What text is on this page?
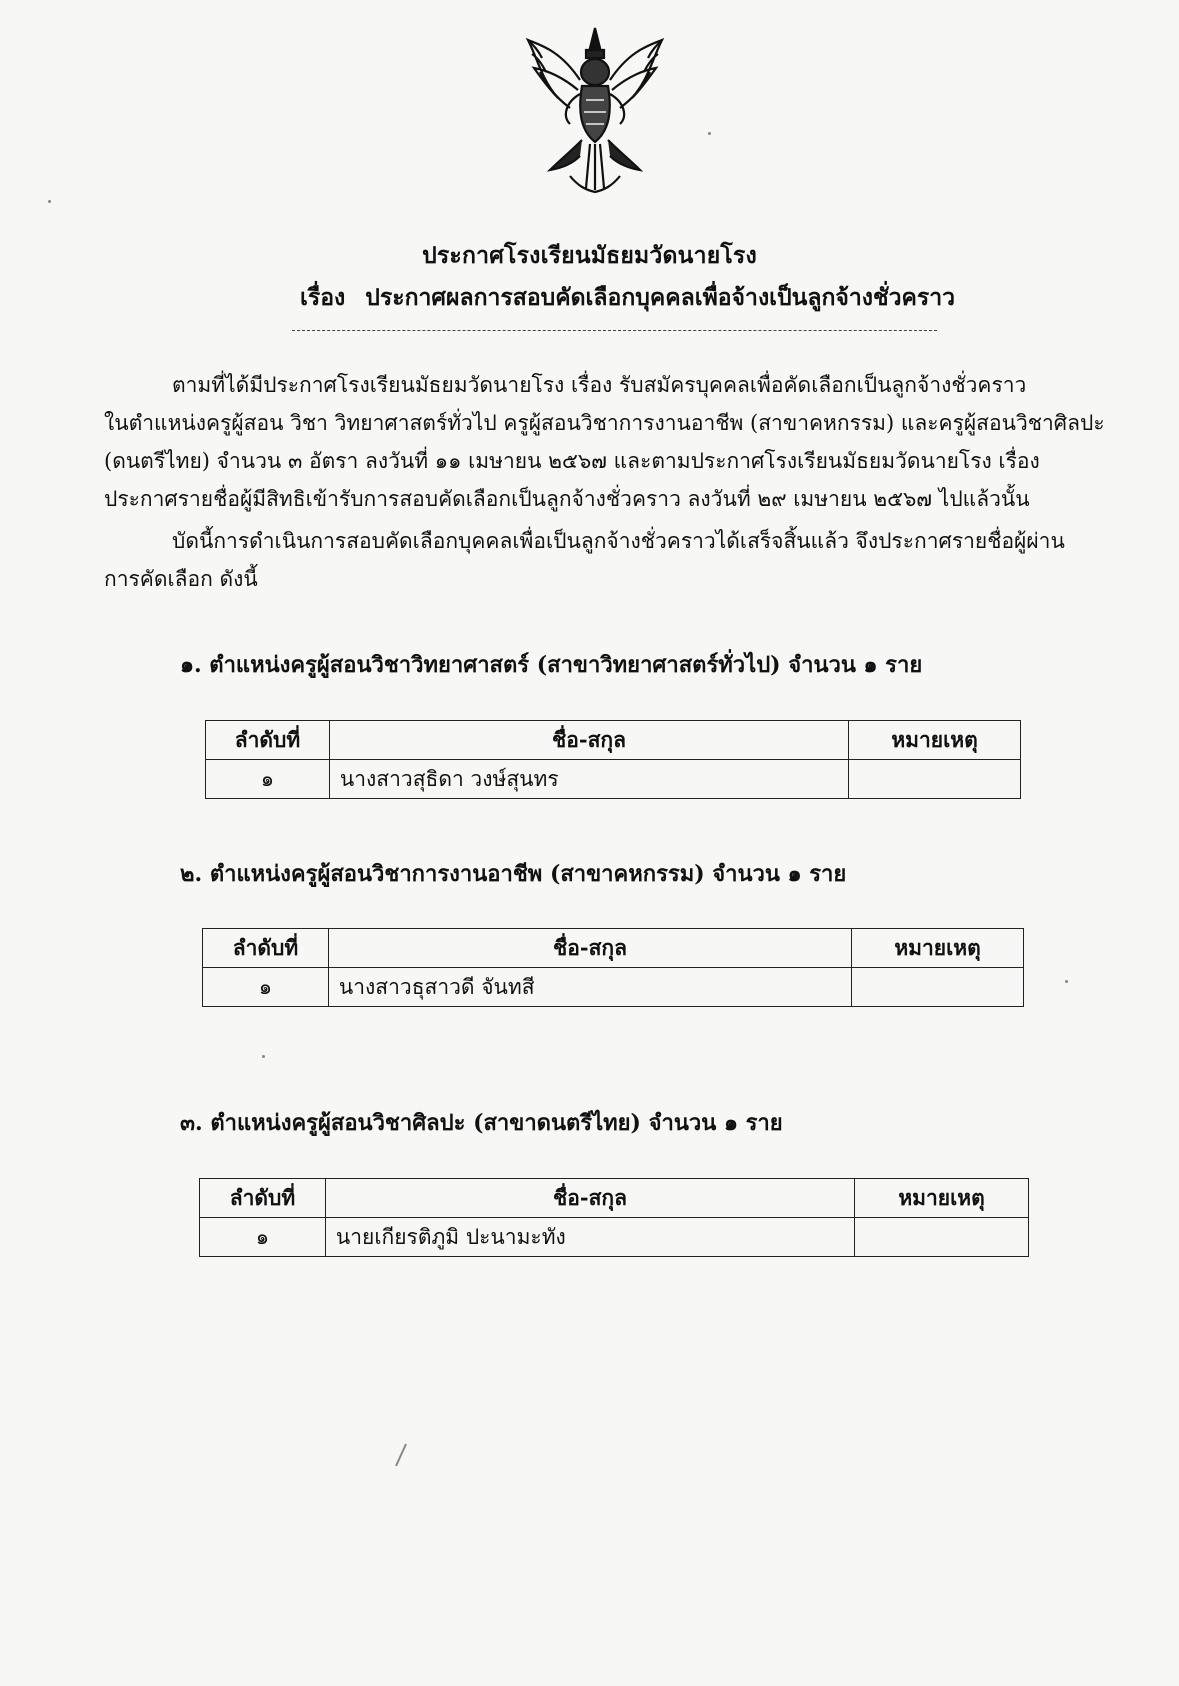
ประกาศโรงเรียนมัธยมวัดนายโรง
เรื่อง ประกาศผลการสอบคัดเลือกบุคคลเพื่อจ้างเป็นลูกจ้างชั่วคราว
ตามที่ได้มีประกาศโรงเรียนมัธยมวัดนายโรง เรื่อง รับสมัครบุคคลเพื่อคัดเลือกเป็นลูกจ้างชั่วคราว
ในตำแหน่งครูผู้สอน วิชา วิทยาศาสตร์ทั่วไป ครูผู้สอนวิชาการงานอาชีพ (สาขาคหกรรม) และครูผู้สอนวิชาศิลปะ
(ดนตรีไทย) จำนวน ๓ อัตรา ลงวันที่ ๑๑ เมษายน ๒๕๖๗ และตามประกาศโรงเรียนมัธยมวัดนายโรง เรื่อง
ประกาศรายชื่อผู้มีสิทธิเข้ารับการสอบคัดเลือกเป็นลูกจ้างชั่วคราว ลงวันที่ ๒๙ เมษายน ๒๕๖๗ ไปแล้วนั้น
บัดนี้การดำเนินการสอบคัดเลือกบุคคลเพื่อเป็นลูกจ้างชั่วคราวได้เสร็จสิ้นแล้ว จึงประกาศรายชื่อผู้ผ่าน
การคัดเลือก ดังนี้
๑. ตำแหน่งครูผู้สอนวิชาวิทยาศาสตร์ (สาขาวิทยาศาสตร์ทั่วไป) จำนวน ๑ ราย
ลำดับที่	ชื่อ-สกุล	หมายเหตุ
๑	นางสาวสุธิดา วงษ์สุนทร	
๒. ตำแหน่งครูผู้สอนวิชาการงานอาชีพ (สาขาคหกรรม) จำนวน ๑ ราย
ลำดับที่	ชื่อ-สกุล	หมายเหตุ
๑	นางสาวธุสาวดี จันทสี	
๓. ตำแหน่งครูผู้สอนวิชาศิลปะ (สาขาดนตรีไทย) จำนวน ๑ ราย
ลำดับที่	ชื่อ-สกุล	หมายเหตุ
๑	นายเกียรติภูมิ ปะนามะทัง	
